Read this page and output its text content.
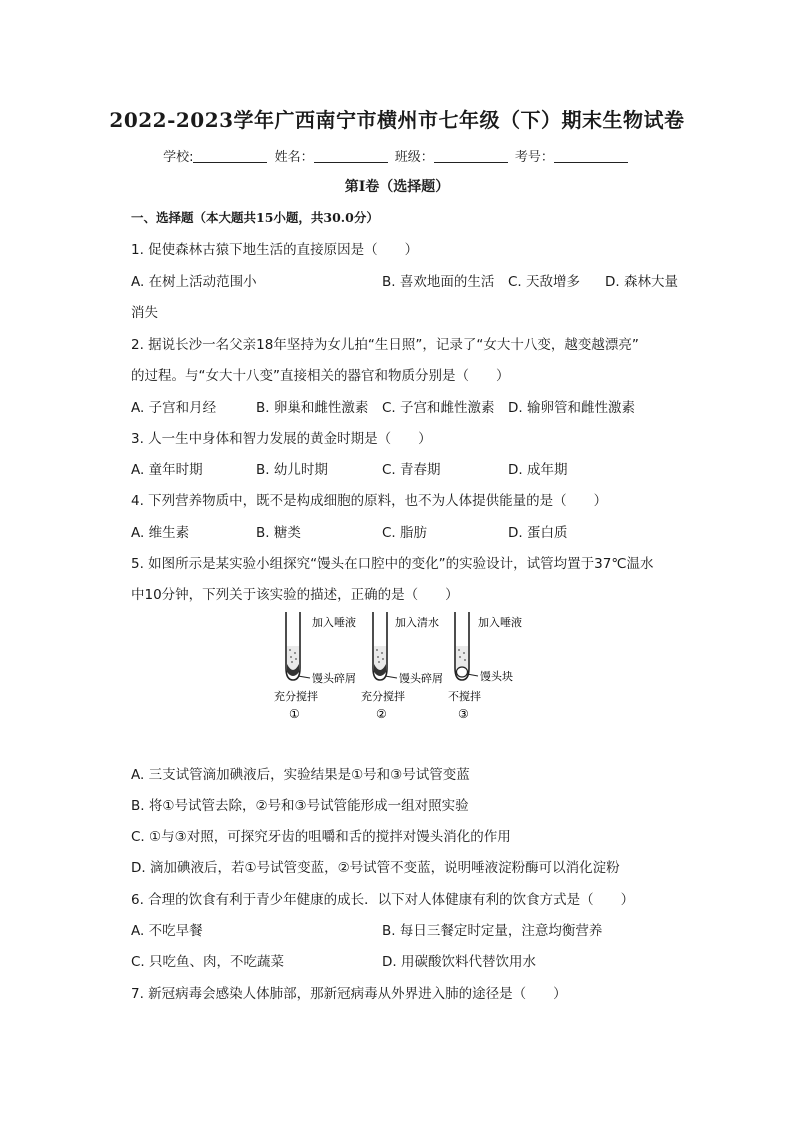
2022-2023学年广西南宁市横州市七年级（下）期末生物试卷
学校:	姓名：	班级：	考号：
第I卷（选择题）
一、选择题（本大题共15小题，共30.0分）
1. 促使森林古猿下地生活的直接原因是（　　）
A. 在树上活动范围小	B. 喜欢地面的生活 C. 天敌增多 D. 森林大量
消失
2. 据说长沙一名父亲18年坚持为女儿拍“生日照”，记录了“女大十八变，越变越漂亮”
的过程。与“女大十八变”直接相关的器官和物质分别是（　　）
A. 子宫和月经	B. 卵巢和雌性激素 C. 子宫和雌性激素 D. 输卵管和雌性激素
3. 人一生中身体和智力发展的黄金时期是（　　）
A. 童年时期	B. 幼儿时期	C. 青春期	D. 成年期
4. 下列营养物质中，既不是构成细胞的原料，也不为人体提供能量的是（　　）
A. 维生素	B. 糖类	C. 脂肪	D. 蛋白质
5. 如图所示是某实验小组探究“馒头在口腔中的变化”的实验设计，试管均置于37℃温水
中10分钟，下列关于该实验的描述，正确的是（　　）
加入唾液
馒头碎屑
充分搅拌
①
加入清水
馒头碎屑
充分搅拌
②
加入唾液
馒头块
不搅拌
③
A. 三支试管滴加碘液后，实验结果是①号和③号试管变蓝
B. 将①号试管去除，②号和③号试管能形成一组对照实验
C. ①与③对照，可探究牙齿的咀嚼和舌的搅拌对馒头消化的作用
D. 滴加碘液后，若①号试管变蓝，②号试管不变蓝，说明唾液淀粉酶可以消化淀粉
6. 合理的饮食有利于青少年健康的成长．以下对人体健康有利的饮食方式是（　　）
A. 不吃早餐	B. 每日三餐定时定量，注意均衡营养
C. 只吃鱼、肉，不吃蔬菜	D. 用碳酸饮料代替饮用水
7. 新冠病毒会感染人体肺部，那新冠病毒从外界进入肺的途径是（　　）
